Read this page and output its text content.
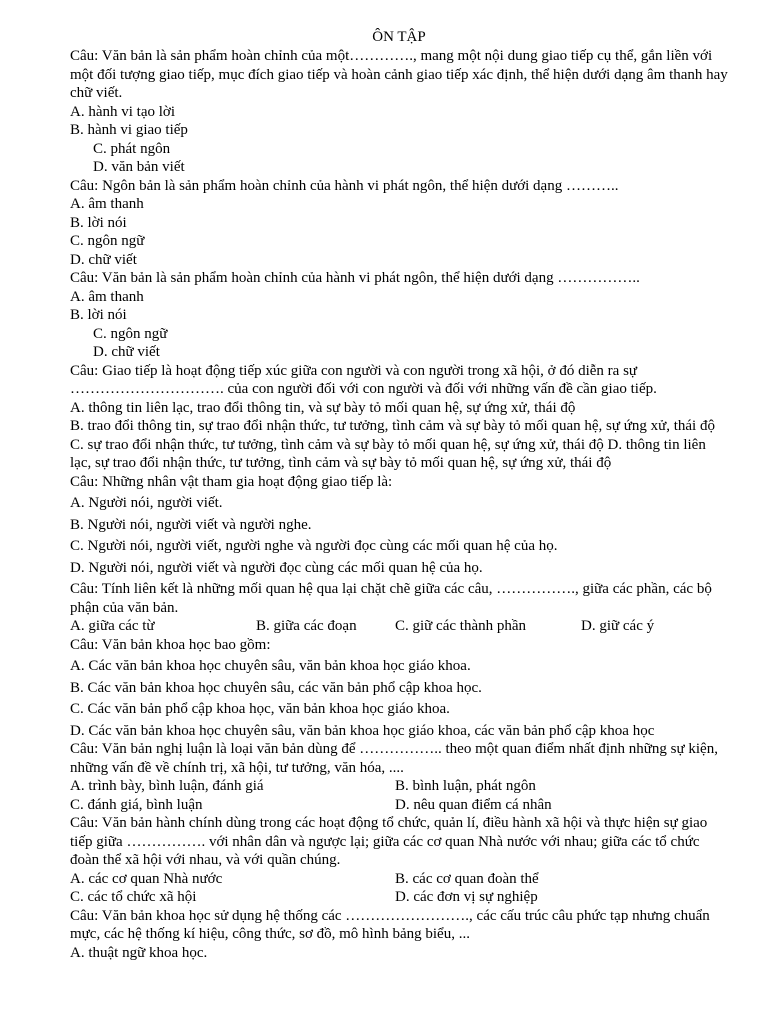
ÔN TẬP
Câu: Văn bản là sản phẩm hoàn chỉnh của một…………., mang một nội dung giao tiếp cụ thể, gắn liền với một đối tượng giao tiếp, mục đích giao tiếp và hoàn cảnh giao tiếp xác định, thể hiện dưới dạng âm thanh hay chữ viết.
A. hành vi tạo lời
B. hành vi giao tiếp
C. phát ngôn
D. văn bản viết
Câu: Ngôn bản là sản phẩm hoàn chỉnh của hành vi phát ngôn, thể hiện dưới dạng ………..
A. âm thanh
B. lời nói
C. ngôn ngữ
D. chữ viết
Câu: Văn bản là sản phẩm hoàn chỉnh của hành vi phát ngôn, thể hiện dưới dạng ……………..
A. âm thanh
B. lời nói
C. ngôn ngữ
D. chữ viết
Câu: Giao tiếp là hoạt động tiếp xúc giữa con người và con người trong xã hội, ở đó diễn ra sự …………………………. của con người đối với con người và đối với những vấn đề cần giao tiếp.
A. thông tin liên lạc, trao đổi thông tin, và sự bày tỏ mối quan hệ, sự ứng xử, thái độ
B. trao đổi thông tin, sự trao đổi nhận thức, tư tưởng, tình cảm và sự bày tỏ mối quan hệ, sự ứng xử, thái độ
C. sự trao đổi nhận thức, tư tưởng, tình cảm và sự bày tỏ mối quan hệ, sự ứng xử, thái độ D. thông tin liên lạc, sự trao đổi nhận thức, tư tưởng, tình cảm và sự bày tỏ mối quan hệ, sự ứng xử, thái độ
Câu: Những nhân vật tham gia hoạt động giao tiếp là:
A. Người nói, người viết.
B. Người nói, người viết và người nghe.
C. Người nói, người viết, người nghe và người đọc cùng các mối quan hệ của họ.
D. Người nói, người viết và người đọc cùng các mối quan hệ của họ.
Câu: Tính liên kết là những mối quan hệ qua lại chặt chẽ giữa các câu, ……………., giữa các phần, các bộ phận của văn bản.
A. giữa các từ	B. giữa các đoạn	C. giữ các thành phần	D. giữ các ý
Câu: Văn bản khoa học bao gồm:
A. Các văn bản khoa học chuyên sâu, văn bản khoa học giáo khoa.
B. Các văn bản khoa học chuyên sâu, các văn bản phổ cập khoa học.
C. Các văn bản phổ cập khoa học, văn bản khoa học giáo khoa.
D. Các văn bản khoa học chuyên sâu, văn bản khoa học giáo khoa, các văn bản phổ cập khoa học
Câu: Văn bản nghị luận là loại văn bản dùng để …………….. theo một quan điểm nhất định những sự kiện, những vấn đề về chính trị, xã hội, tư tưởng, văn hóa, ....
A. trình bày, bình luận, đánh giá	B. bình luận, phát ngôn
C. đánh giá, bình luận	D. nêu quan điểm cá nhân
Câu: Văn bản hành chính dùng trong các hoạt động tổ chức, quản lí, điều hành xã hội và thực hiện sự giao tiếp giữa ……………. với nhân dân và ngược lại; giữa các cơ quan Nhà nước với nhau; giữa các tổ chức đoàn thể xã hội với nhau, và với quần chúng.
A. các cơ quan Nhà nước	B. các cơ quan đoàn thể
C. các tổ chức xã hội	D. các đơn vị sự nghiệp
Câu: Văn bản khoa học sử dụng hệ thống các ……………………., các cấu trúc câu phức tạp nhưng chuẩn mực, các hệ thống kí hiệu, công thức, sơ đồ, mô hình bảng biểu, ...
A. thuật ngữ khoa học.
